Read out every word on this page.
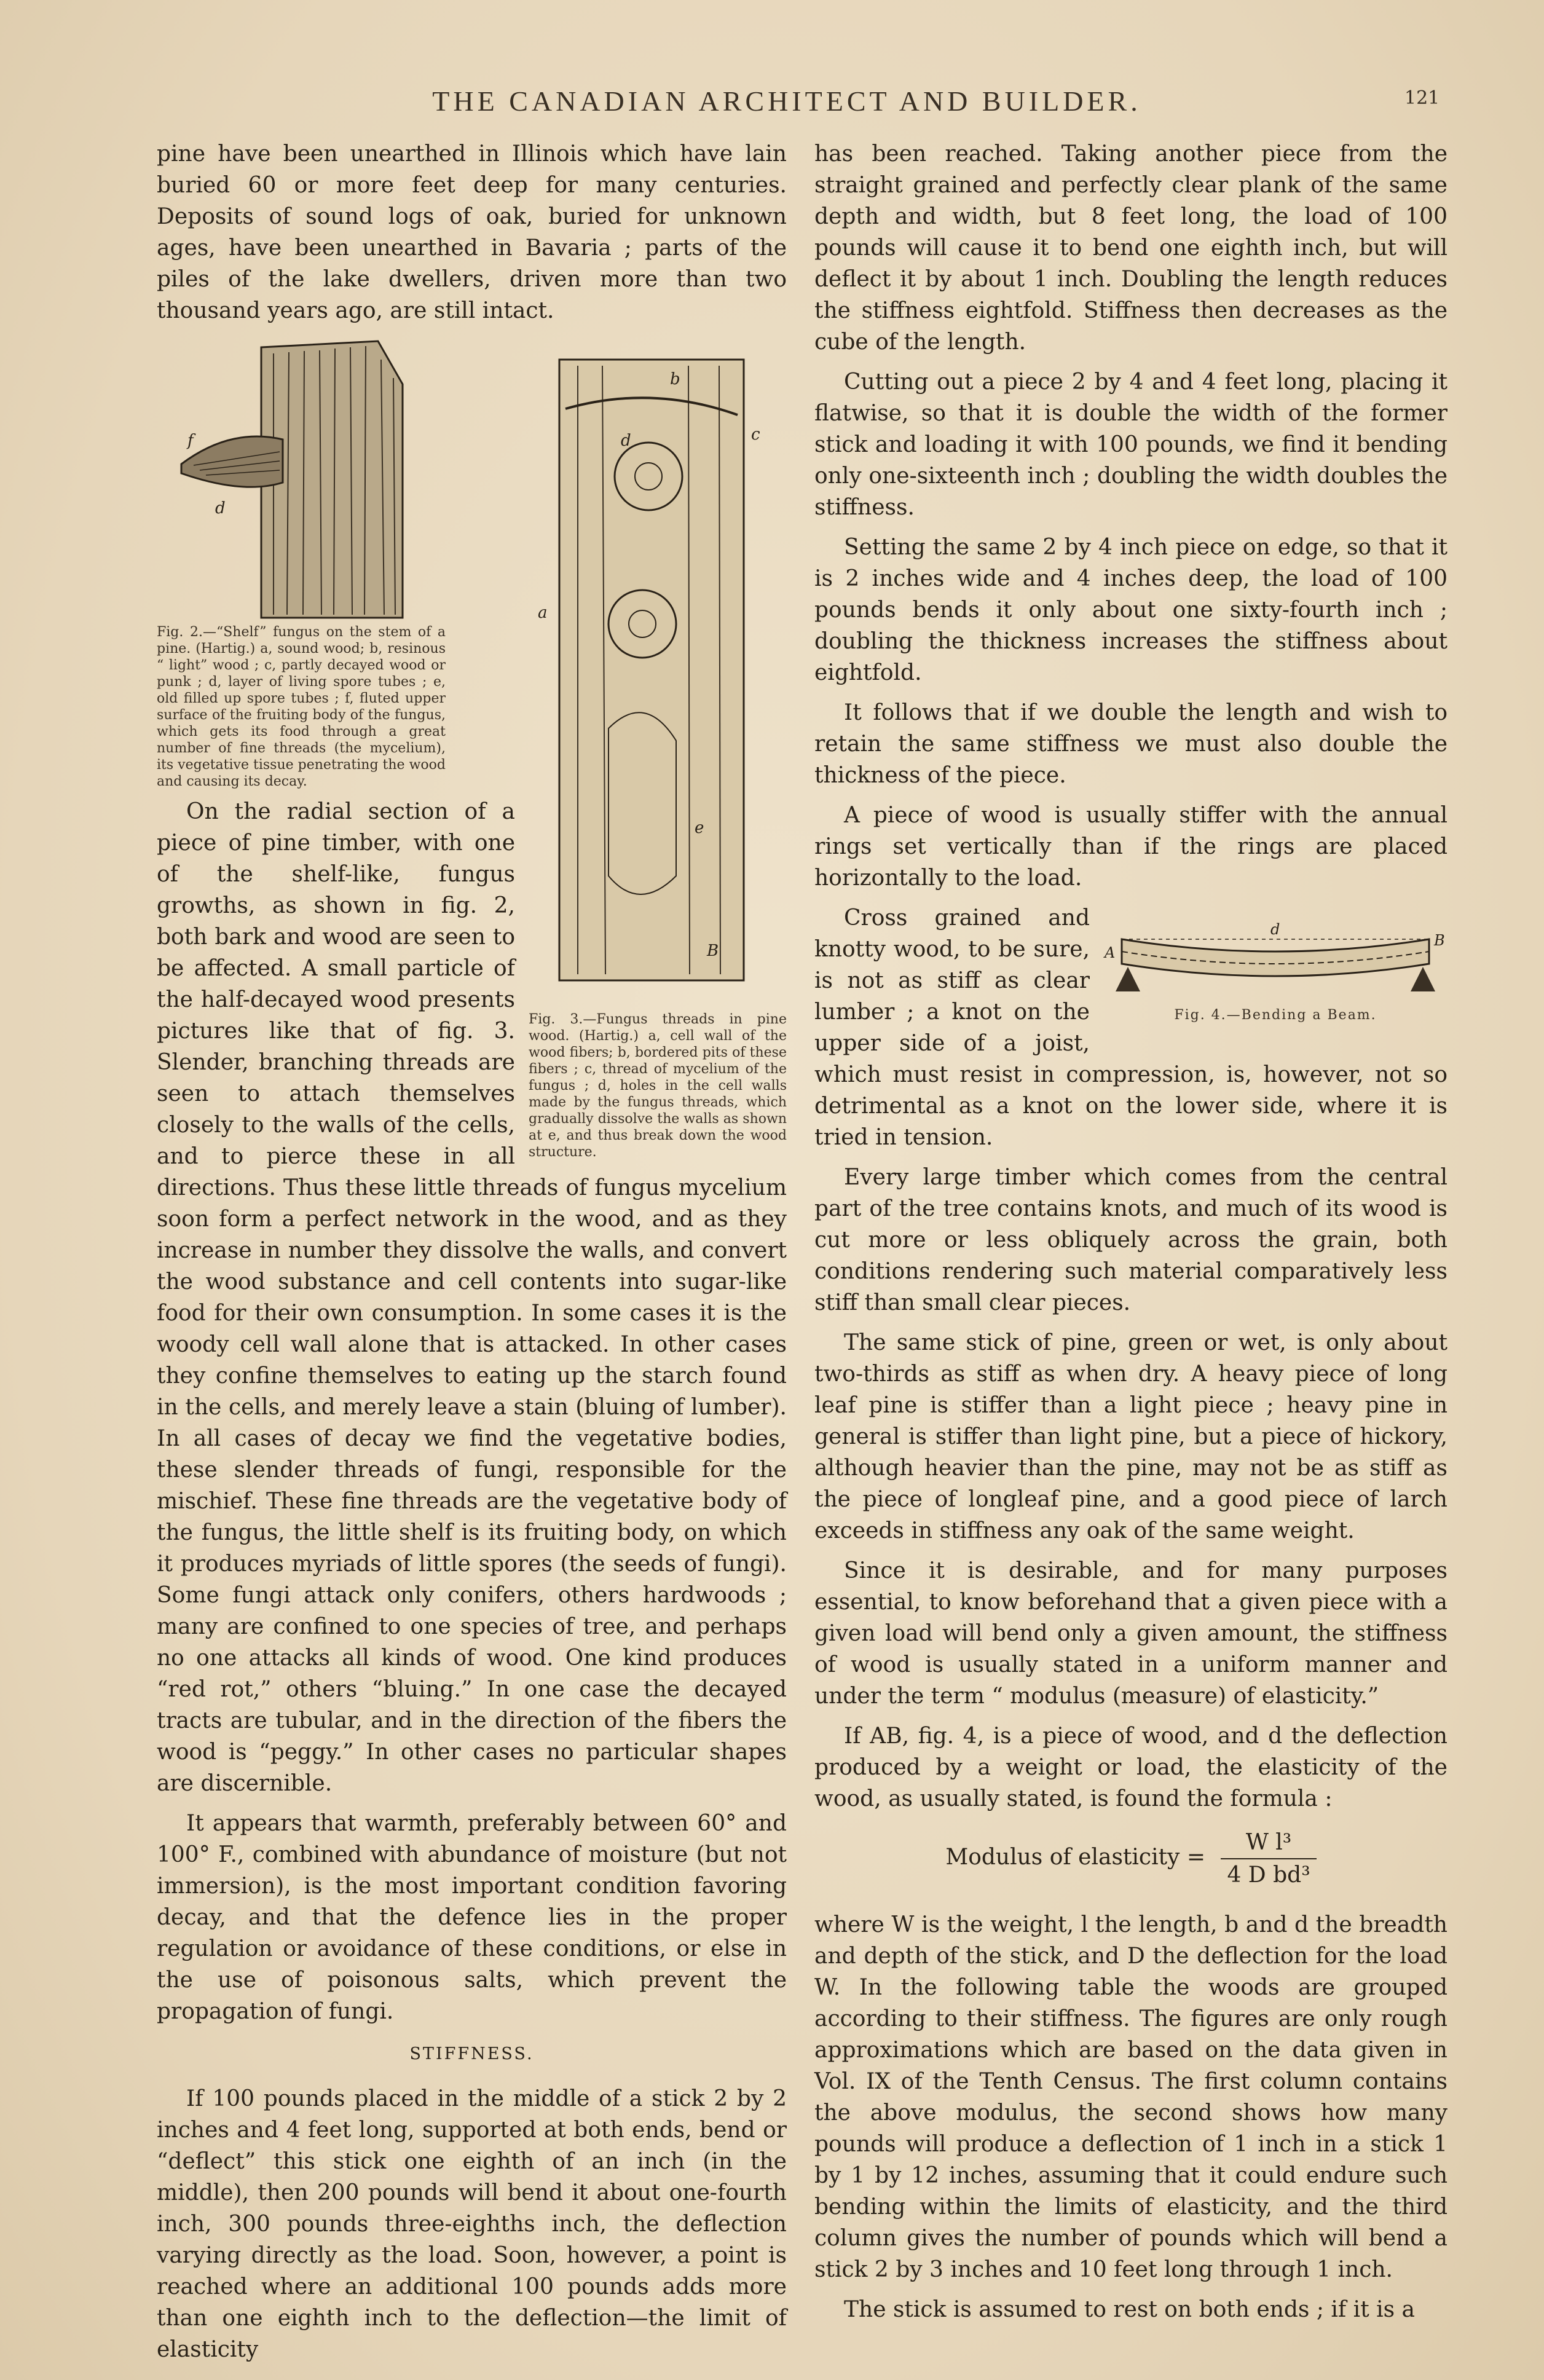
THE CANADIAN ARCHITECT AND BUILDER.	121

pine have been unearthed in Illinois which have lain buried 60 or more feet deep for many centuries. Deposits of sound logs of oak, buried for unknown ages, have been unearthed in Bavaria ; parts of the piles of the lake dwellers, driven more than two thousand years ago, are still intact.

f
d
Fig. 2.—“Shelf” fungus on the stem of a pine. (Hartig.) a, sound wood; b, resinous “ light” wood ; c, partly decayed wood or punk ; d, layer of living spore tubes ; e, old filled up spore tubes ; f, fluted upper surface of the fruiting body of the fungus, which gets its food through a great number of fine threads (the mycelium), its vegetative tissue penetrating the wood and causing its decay.
b
d	c
a
e
B
Fig. 3.—Fungus threads in pine wood. (Hartig.) a, cell wall of the wood fibers; b, bordered pits of these fibers ; c, thread of mycelium of the fungus ; d, holes in the cell walls made by the fungus threads, which gradually dissolve the walls as shown at e, and thus break down the wood structure.

On the radial section of a piece of pine timber, with one of the shelf-like, fungus growths, as shown in fig. 2, both bark and wood are seen to be affected. A small particle of the half-decayed wood presents pictures like that of fig. 3. Slender, branching threads are seen to attach themselves closely to the walls of the cells, and to pierce these in all directions. Thus these little threads of fungus mycelium soon form a perfect network in the wood, and as they increase in number they dissolve the walls, and convert the wood substance and cell contents into sugar-like food for their own consumption. In some cases it is the woody cell wall alone that is attacked. In other cases they confine themselves to eating up the starch found in the cells, and merely leave a stain (bluing of lumber). In all cases of decay we find the vegetative bodies, these slender threads of fungi, responsible for the mischief. These fine threads are the vegetative body of the fungus, the little shelf is its fruiting body, on which it produces myriads of little spores (the seeds of fungi). Some fungi attack only conifers, others hardwoods ; many are confined to one species of tree, and perhaps no one attacks all kinds of wood. One kind produces “red rot,” others “bluing.” In one case the decayed tracts are tubular, and in the direction of the fibers the wood is “peggy.” In other cases no particular shapes are discernible.

It appears that warmth, preferably between 60° and 100° F., combined with abundance of moisture (but not immersion), is the most important condition favoring decay, and that the defence lies in the proper regulation or avoidance of these conditions, or else in the use of poisonous salts, which prevent the propagation of fungi.

STIFFNESS.

If 100 pounds placed in the middle of a stick 2 by 2 inches and 4 feet long, supported at both ends, bend or “deflect” this stick one eighth of an inch (in the middle), then 200 pounds will bend it about one-fourth inch, 300 pounds three-eighths inch, the deflection varying directly as the load. Soon, however, a point is reached where an additional 100 pounds adds more than one eighth inch to the deflection—the limit of elasticity

has been reached. Taking another piece from the straight grained and perfectly clear plank of the same depth and width, but 8 feet long, the load of 100 pounds will cause it to bend one eighth inch, but will deflect it by about 1 inch. Doubling the length reduces the stiffness eightfold. Stiffness then decreases as the cube of the length.

Cutting out a piece 2 by 4 and 4 feet long, placing it flatwise, so that it is double the width of the former stick and loading it with 100 pounds, we find it bending only one-sixteenth inch ; doubling the width doubles the stiffness.

Setting the same 2 by 4 inch piece on edge, so that it is 2 inches wide and 4 inches deep, the load of 100 pounds bends it only about one sixty-fourth inch ; doubling the thickness increases the stiffness about eightfold.

It follows that if we double the length and wish to retain the same stiffness we must also double the thickness of the piece.

A piece of wood is usually stiffer with the annual rings set vertically than if the rings are placed horizontally to the load.

A
B
d
Fig. 4.—Bending a Beam.

Cross grained and knotty wood, to be sure, is not as stiff as clear lumber ; a knot on the upper side of a joist, which must resist in compression, is, however, not so detrimental as a knot on the lower side, where it is tried in tension.

Every large timber which comes from the central part of the tree contains knots, and much of its wood is cut more or less obliquely across the grain, both conditions rendering such material comparatively less stiff than small clear pieces.

The same stick of pine, green or wet, is only about two-thirds as stiff as when dry. A heavy piece of long leaf pine is stiffer than a light piece ; heavy pine in general is stiffer than light pine, but a piece of hickory, although heavier than the pine, may not be as stiff as the piece of longleaf pine, and a good piece of larch exceeds in stiffness any oak of the same weight.

Since it is desirable, and for many purposes essential, to know beforehand that a given piece with a given load will bend only a given amount, the stiffness of wood is usually stated in a uniform manner and under the term “ modulus (measure) of elasticity.”

If AB, fig. 4, is a piece of wood, and d the deflection produced by a weight or load, the elasticity of the wood, as usually stated, is found the formula :

Modulus of elasticity = $\frac{\text{W l³}}{\text{4 D bd³}}$

where W is the weight, l the length, b and d the breadth and depth of the stick, and D the deflection for the load W. In the following table the woods are grouped according to their stiffness. The figures are only rough approximations which are based on the data given in Vol. IX of the Tenth Census. The first column contains the above modulus, the second shows how many pounds will produce a deflection of 1 inch in a stick 1 by 1 by 12 inches, assuming that it could endure such bending within the limits of elasticity, and the third column gives the number of pounds which will bend a stick 2 by 3 inches and 10 feet long through 1 inch.

The stick is assumed to rest on both ends ; if it is a
